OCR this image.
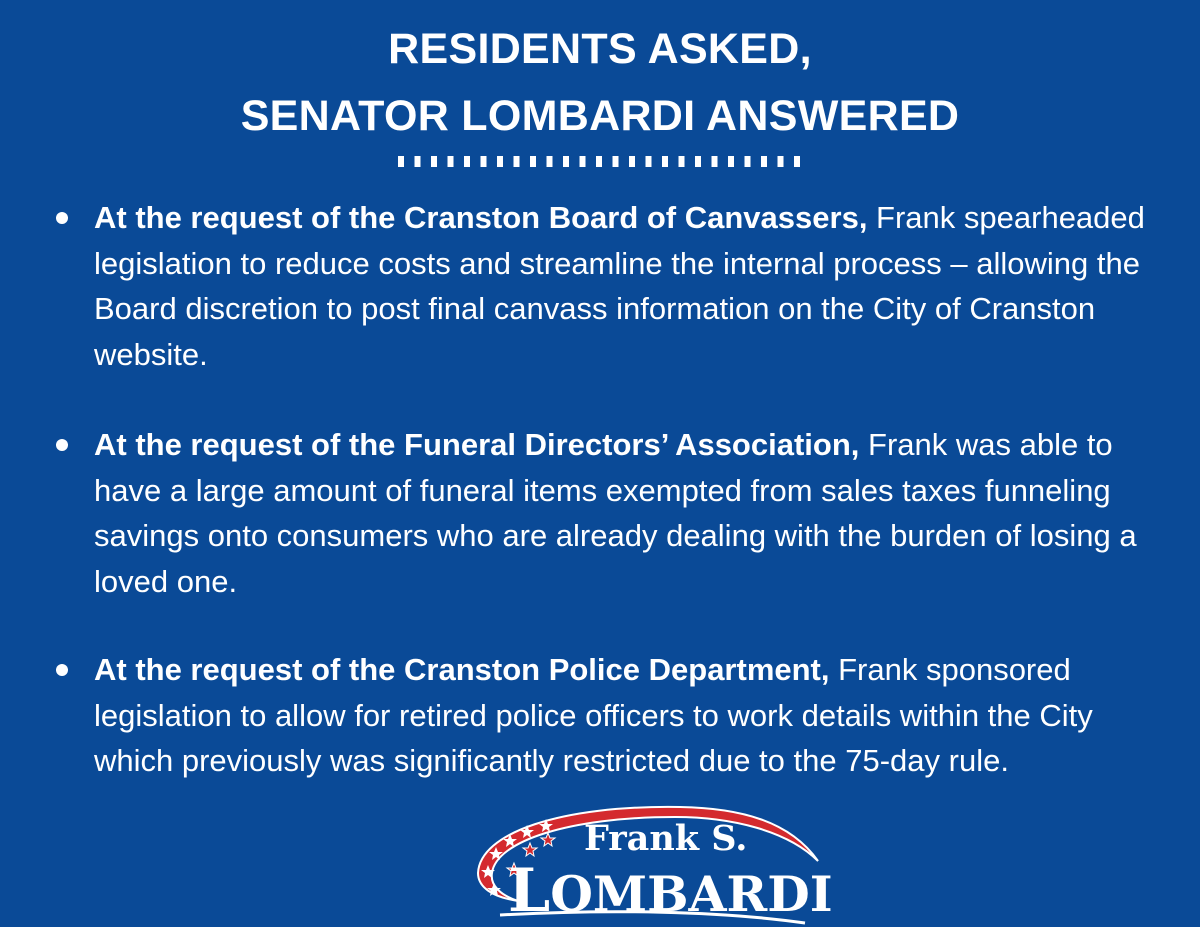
RESIDENTS ASKED,
SENATOR LOMBARDI ANSWERED

At the request of the Cranston Board of Canvassers, Frank spearheaded legislation to reduce costs and streamline the internal process – allowing the Board discretion to post final canvass information on the City of Cranston website.

At the request of the Funeral Directors’ Association, Frank was able to have a large amount of funeral items exempted from sales taxes funneling savings onto consumers who are already dealing with the burden of losing a loved one.

At the request of the Cranston Police Department, Frank sponsored legislation to allow for retired police officers to work details within the City which previously was significantly restricted due to the 75-day rule.

Frank S.

LOMBARDI
